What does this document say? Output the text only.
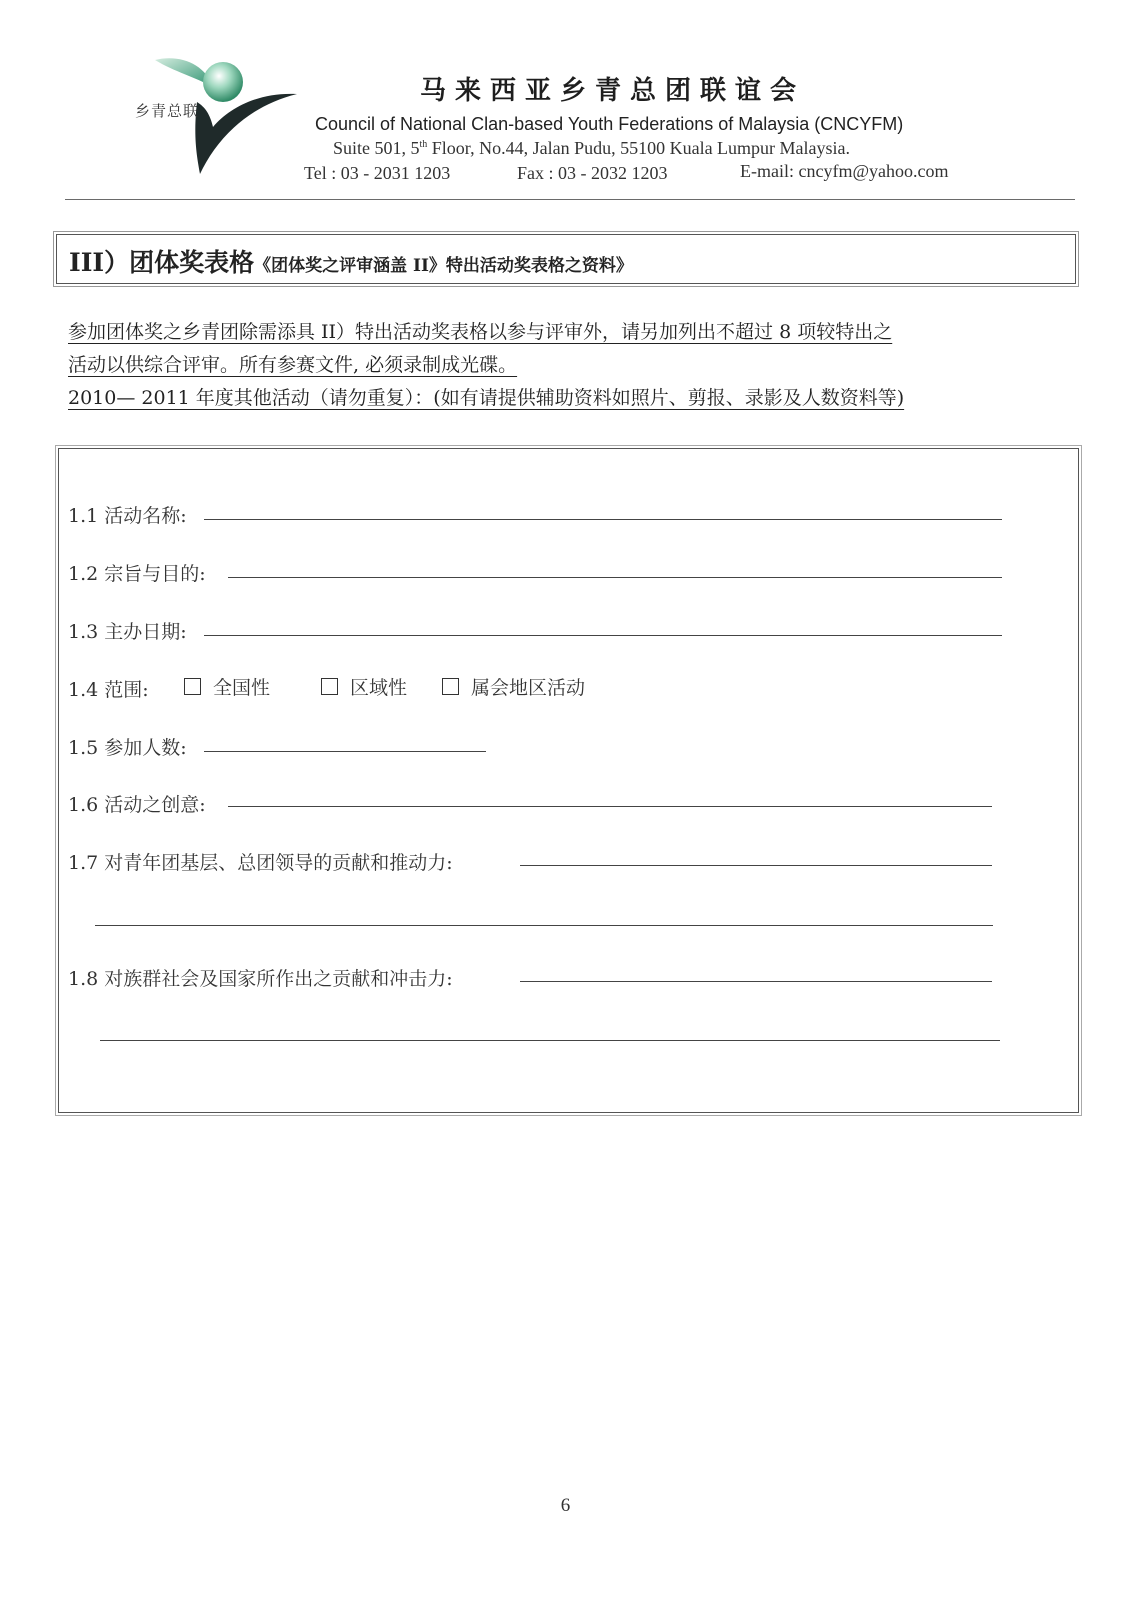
乡青总联
马来西亚乡青总团联谊会
Council of National Clan-based Youth Federations of Malaysia (CNCYFM)
Suite 501, 5th Floor, No.44, Jalan Pudu, 55100 Kuala Lumpur Malaysia.
Tel : 03 - 2031 1203	Fax : 03 - 2032 1203	E-mail: cncyfm@yahoo.com
III）团体奖表格《团体奖之评审涵盖 II》特出活动奖表格之资料》
参加团体奖之乡青团除需添具 II）特出活动奖表格以参与评审外，请另加列出不超过 8 项较特出之
活动以供综合评审。所有参赛文件, 必须录制成光碟。
2010— 2011 年度其他活动（请勿重复）：(如有请提供辅助资料如照片、剪报、录影及人数资料等)
1.1 活动名称:
1.2 宗旨与目的:
1.3 主办日期:
1.4 范围:	全国性	区域性	属会地区活动
1.5 参加人数:
1.6 活动之创意:
1.7 对青年团基层、总团领导的贡献和推动力:
1.8 对族群社会及国家所作出之贡献和冲击力:
6
